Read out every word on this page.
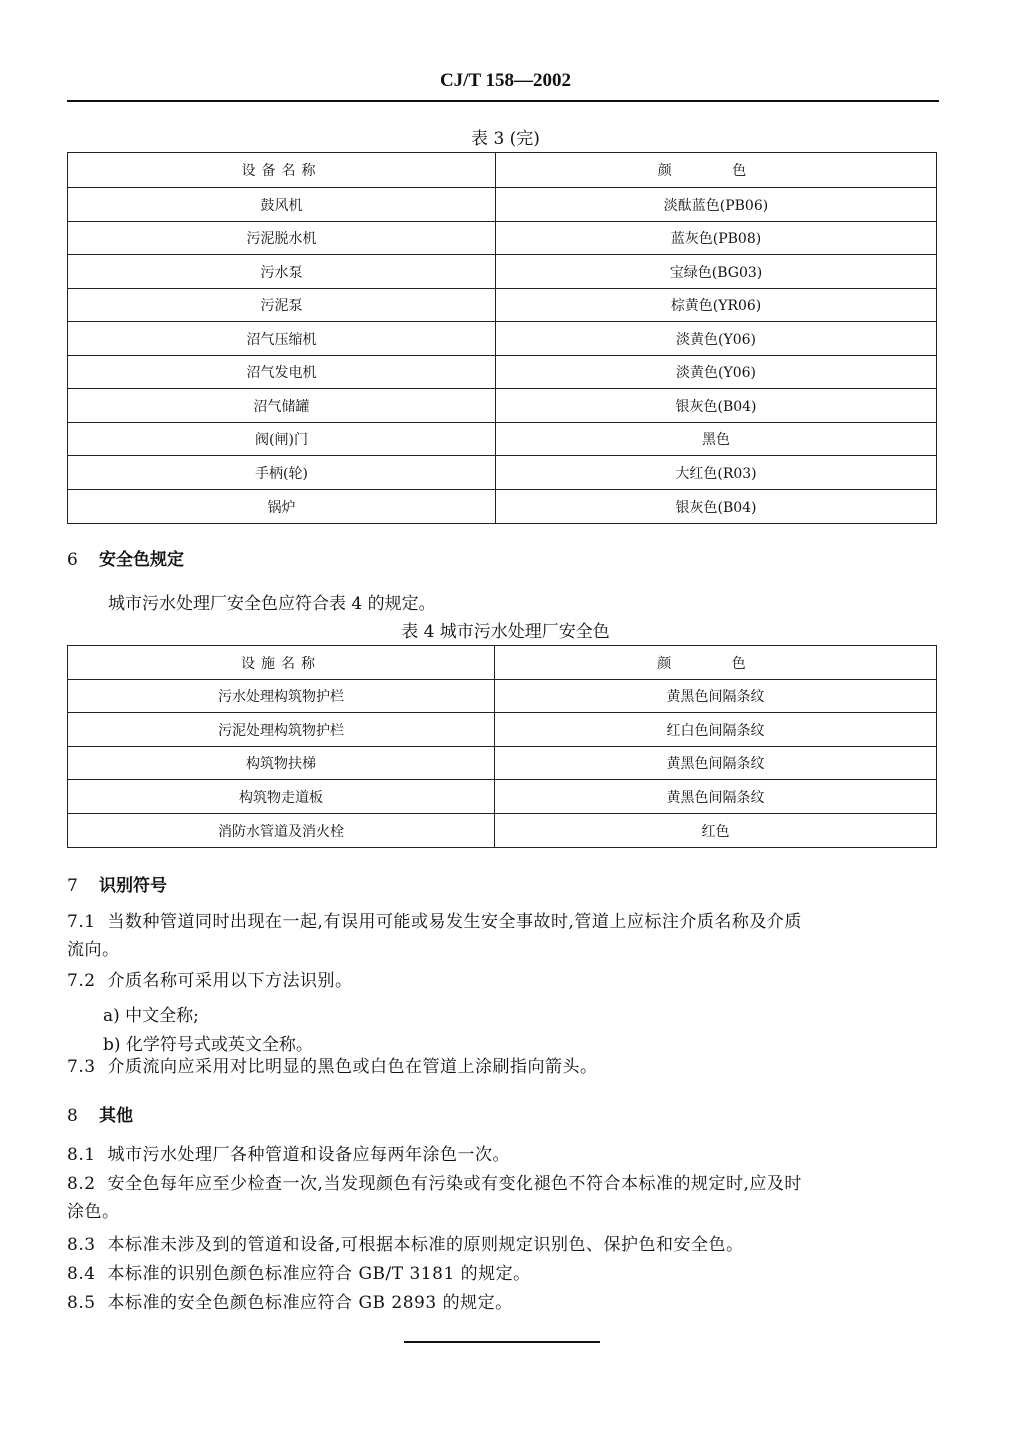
CJ/T 158—2002
表 3 (完)
设备名称	颜 色
鼓风机	淡酞蓝色(PB06)
污泥脱水机	蓝灰色(PB08)
污水泵	宝绿色(BG03)
污泥泵	棕黄色(YR06)
沼气压缩机	淡黄色(Y06)
沼气发电机	淡黄色(Y06)
沼气储罐	银灰色(B04)
阀(闸)门	黑色
手柄(轮)	大红色(R03)
锅炉	银灰色(B04)
6 安全色规定
城市污水处理厂安全色应符合表 4 的规定。
表 4 城市污水处理厂安全色
设施名称	颜 色
污水处理构筑物护栏	黄黑色间隔条纹
污泥处理构筑物护栏	红白色间隔条纹
构筑物扶梯	黄黑色间隔条纹
构筑物走道板	黄黑色间隔条纹
消防水管道及消火栓	红色
7 识别符号
7.1 当数种管道同时出现在一起,有误用可能或易发生安全事故时,管道上应标注介质名称及介质
流向。
7.2 介质名称可采用以下方法识别。
a) 中文全称;
b) 化学符号式或英文全称。
7.3 介质流向应采用对比明显的黑色或白色在管道上涂刷指向箭头。
8 其他
8.1 城市污水处理厂各种管道和设备应每两年涂色一次。
8.2 安全色每年应至少检查一次,当发现颜色有污染或有变化褪色不符合本标准的规定时,应及时
涂色。
8.3 本标准未涉及到的管道和设备,可根据本标准的原则规定识别色、保护色和安全色。
8.4 本标准的识别色颜色标准应符合 GB/T 3181 的规定。
8.5 本标准的安全色颜色标准应符合 GB 2893 的规定。
